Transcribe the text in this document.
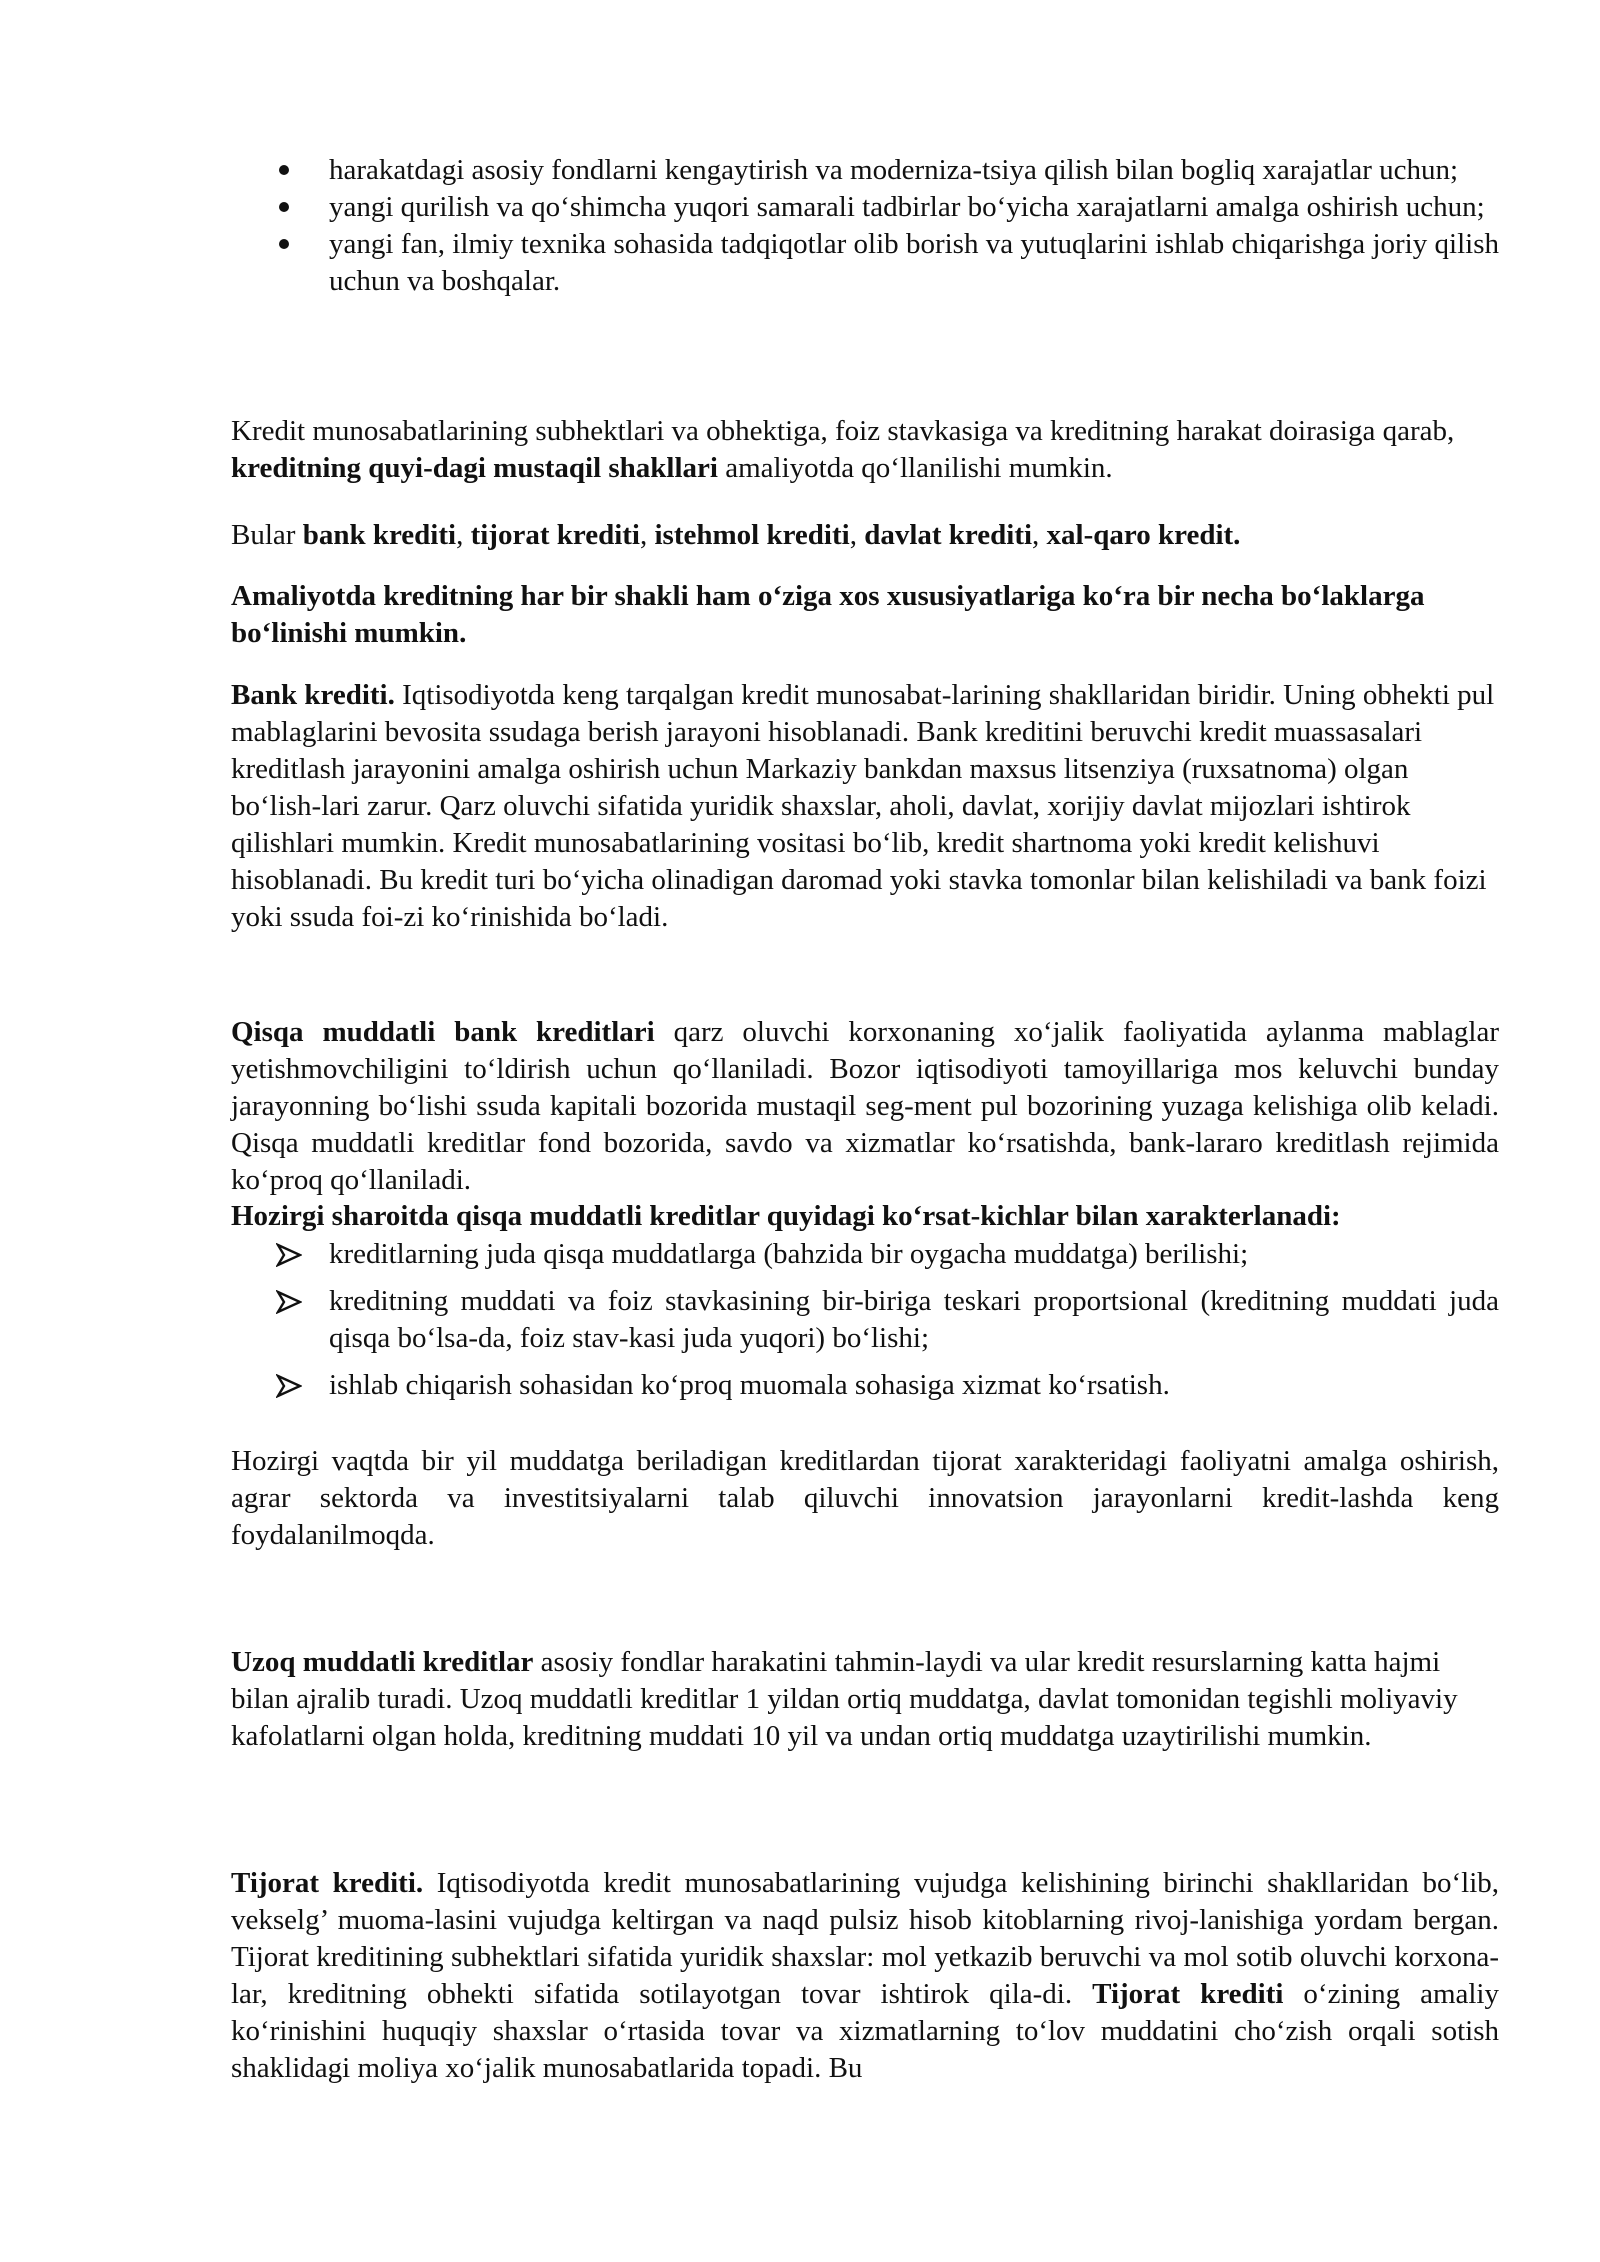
harakatdagi asosiy fondlarni kengaytirish va moderniza-tsiya qilish bilan bogliq xarajatlar uchun;
yangi qurilish va qo‘shimcha yuqori samarali tadbirlar bo‘yicha xarajatlarni amalga oshirish uchun;
yangi fan, ilmiy texnika sohasida tadqiqotlar olib borish va yutuqlarini ishlab chiqarishga joriy qilish uchun va boshqalar.

Kredit munosabatlarining subhektlari va obhektiga, foiz stavkasiga va kreditning harakat doirasiga qarab, kreditning quyi-dagi mustaqil shakllari amaliyotda qo‘llanilishi mumkin.

Bular bank krediti, tijorat krediti, istehmol krediti, davlat krediti, xal-qaro kredit.

Amaliyotda kreditning har bir shakli ham o‘ziga xos xususiyatlariga ko‘ra bir necha bo‘laklarga bo‘linishi mumkin.

Bank krediti. Iqtisodiyotda keng tarqalgan kredit munosabat-larining shakllaridan biridir. Uning obhekti pul mablaglarini bevosita ssudaga berish jarayoni hisoblanadi. Bank kreditini beruvchi kredit muassasalari kreditlash jarayonini amalga oshirish uchun Markaziy bankdan maxsus litsenziya (ruxsatnoma) olgan bo‘lish-lari zarur. Qarz oluvchi sifatida yuridik shaxslar, aholi, davlat, xorijiy davlat mijozlari ishtirok qilishlari mumkin. Kredit munosabatlarining vositasi bo‘lib, kredit shartnoma yoki kredit kelishuvi hisoblanadi. Bu kredit turi bo‘yicha olinadigan daromad yoki stavka tomonlar bilan kelishiladi va bank foizi yoki ssuda foi-zi ko‘rinishida bo‘ladi.

Qisqa muddatli bank kreditlari qarz oluvchi korxonaning xo‘jalik faoliyatida aylanma mablaglar yetishmovchiligini to‘ldirish uchun qo‘llaniladi. Bozor iqtisodiyoti tamoyillariga mos keluvchi bunday jarayonning bo‘lishi ssuda kapitali bozorida mustaqil seg-ment pul bozorining yuzaga kelishiga olib keladi. Qisqa muddatli kreditlar fond bozorida, savdo va xizmatlar ko‘rsatishda, bank-lararo kreditlash rejimida ko‘proq qo‘llaniladi.

Hozirgi sharoitda qisqa muddatli kreditlar quyidagi ko‘rsat-kichlar bilan xarakterlanadi:

kreditlarning juda qisqa muddatlarga (bahzida bir oygacha muddatga) berilishi;
kreditning muddati va foiz stavkasining bir-biriga teskari proportsional (kreditning muddati juda qisqa bo‘lsa-da, foiz stav-kasi juda yuqori) bo‘lishi;
ishlab chiqarish sohasidan ko‘proq muomala sohasiga xizmat ko‘rsatish.

Hozirgi vaqtda bir yil muddatga beriladigan kreditlardan tijorat xarakteridagi faoliyatni amalga oshirish, agrar sektorda va investitsiyalarni talab qiluvchi innovatsion jarayonlarni kredit-lashda keng foydalanilmoqda.

Uzoq muddatli kreditlar asosiy fondlar harakatini tahmin-laydi va ular kredit resurslarning katta hajmi bilan ajralib turadi. Uzoq muddatli kreditlar 1 yildan ortiq muddatga, davlat tomonidan tegishli moliyaviy kafolatlarni olgan holda, kreditning muddati 10 yil va undan ortiq muddatga uzaytirilishi mumkin.

Tijorat krediti. Iqtisodiyotda kredit munosabatlarining vujudga kelishining birinchi shakllaridan bo‘lib, vekselg’ muoma-lasini vujudga keltirgan va naqd pulsiz hisob kitoblarning rivoj-lanishiga yordam bergan. Tijorat kreditining subhektlari sifatida yuridik shaxslar: mol yetkazib beruvchi va mol sotib oluvchi korxona-lar, kreditning obhekti sifatida sotilayotgan tovar ishtirok qila-di. Tijorat krediti o‘zining amaliy ko‘rinishini huquqiy shaxslar o‘rtasida tovar va xizmatlarning to‘lov muddatini cho‘zish orqali sotish shaklidagi moliya xo‘jalik munosabatlarida topadi. Bu
